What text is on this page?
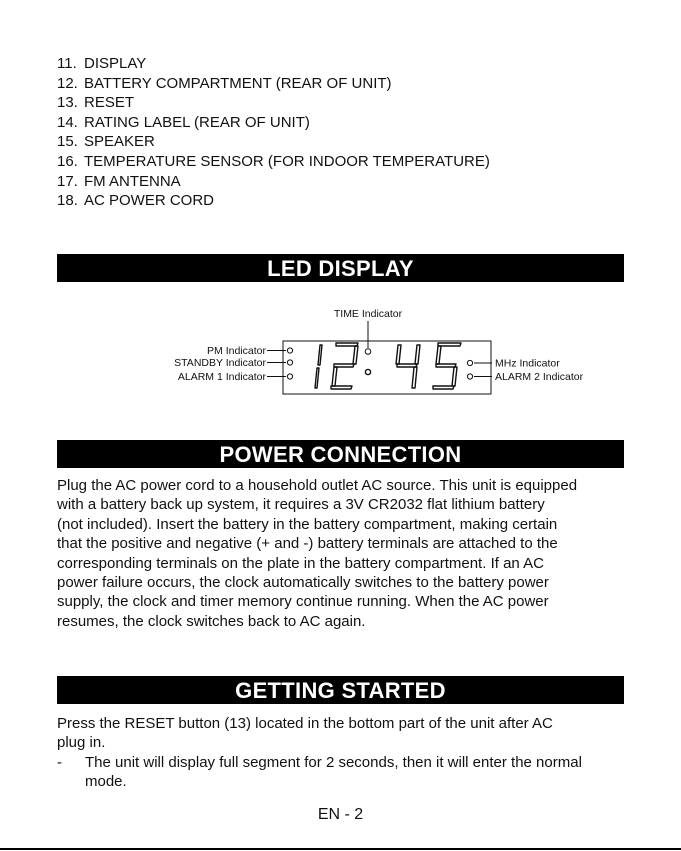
11. DISPLAY
12. BATTERY COMPARTMENT (REAR OF UNIT)
13. RESET
14. RATING LABEL (REAR OF UNIT)
15. SPEAKER
16. TEMPERATURE SENSOR (FOR INDOOR TEMPERATURE)
17. FM ANTENNA
18. AC POWER CORD
LED DISPLAY
TIME Indicator
PM Indicator
STANDBY Indicator
ALARM 1 Indicator
MHz Indicator
ALARM 2 Indicator
POWER CONNECTION
Plug the AC power cord to a household outlet AC source. This unit is equipped
with a battery back up system, it requires a 3V CR2032 flat lithium battery
(not included). Insert the battery in the battery compartment, making certain
that the positive and negative (+ and -) battery terminals are attached to the
corresponding terminals on the plate in the battery compartment. If an AC
power failure occurs, the clock automatically switches to the battery power
supply, the clock and timer memory continue running. When the AC power
resumes, the clock switches back to AC again.
GETTING STARTED
Press the RESET button (13) located in the bottom part of the unit after AC
plug in.
- The unit will display full segment for 2 seconds, then it will enter the normal
mode.
EN - 2
